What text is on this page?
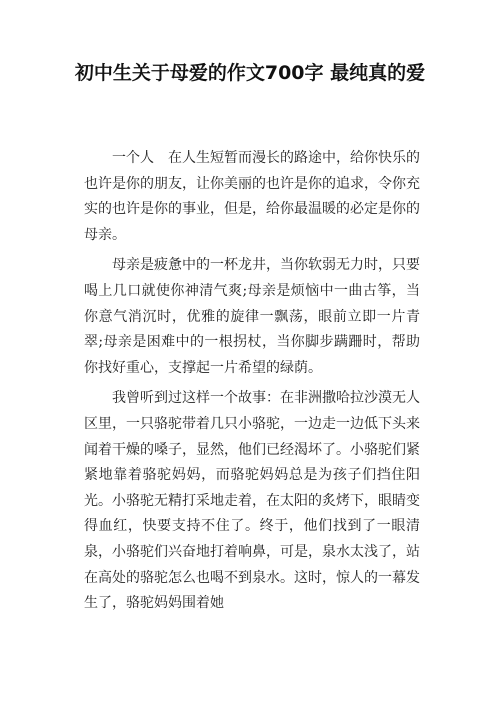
初中生关于母爱的作文700字 最纯真的爱

一个人　在人生短暂而漫长的路途中，给你快乐的也许是你的朋友，让你美丽的也许是你的追求，令你充实的也许是你的事业，但是，给你最温暖的必定是你的母亲。

母亲是疲惫中的一杯龙井，当你软弱无力时，只要喝上几口就使你神清气爽;母亲是烦恼中一曲古筝，当你意气消沉时，优雅的旋律一飘荡，眼前立即一片青翠;母亲是困难中的一根拐杖，当你脚步蹒跚时，帮助你找好重心，支撑起一片希望的绿荫。

我曾听到过这样一个故事：在非洲撒哈拉沙漠无人区里，一只骆驼带着几只小骆驼，一边走一边低下头来闻着干燥的嗓子，显然，他们已经渴坏了。小骆驼们紧紧地靠着骆驼妈妈，而骆驼妈妈总是为孩子们挡住阳光。小骆驼无精打采地走着，在太阳的炙烤下，眼睛变得血红，快要支持不住了。终于，他们找到了一眼清泉，小骆驼们兴奋地打着响鼻，可是，泉水太浅了，站在高处的骆驼怎么也喝不到泉水。这时，惊人的一幕发生了，骆驼妈妈围着她
